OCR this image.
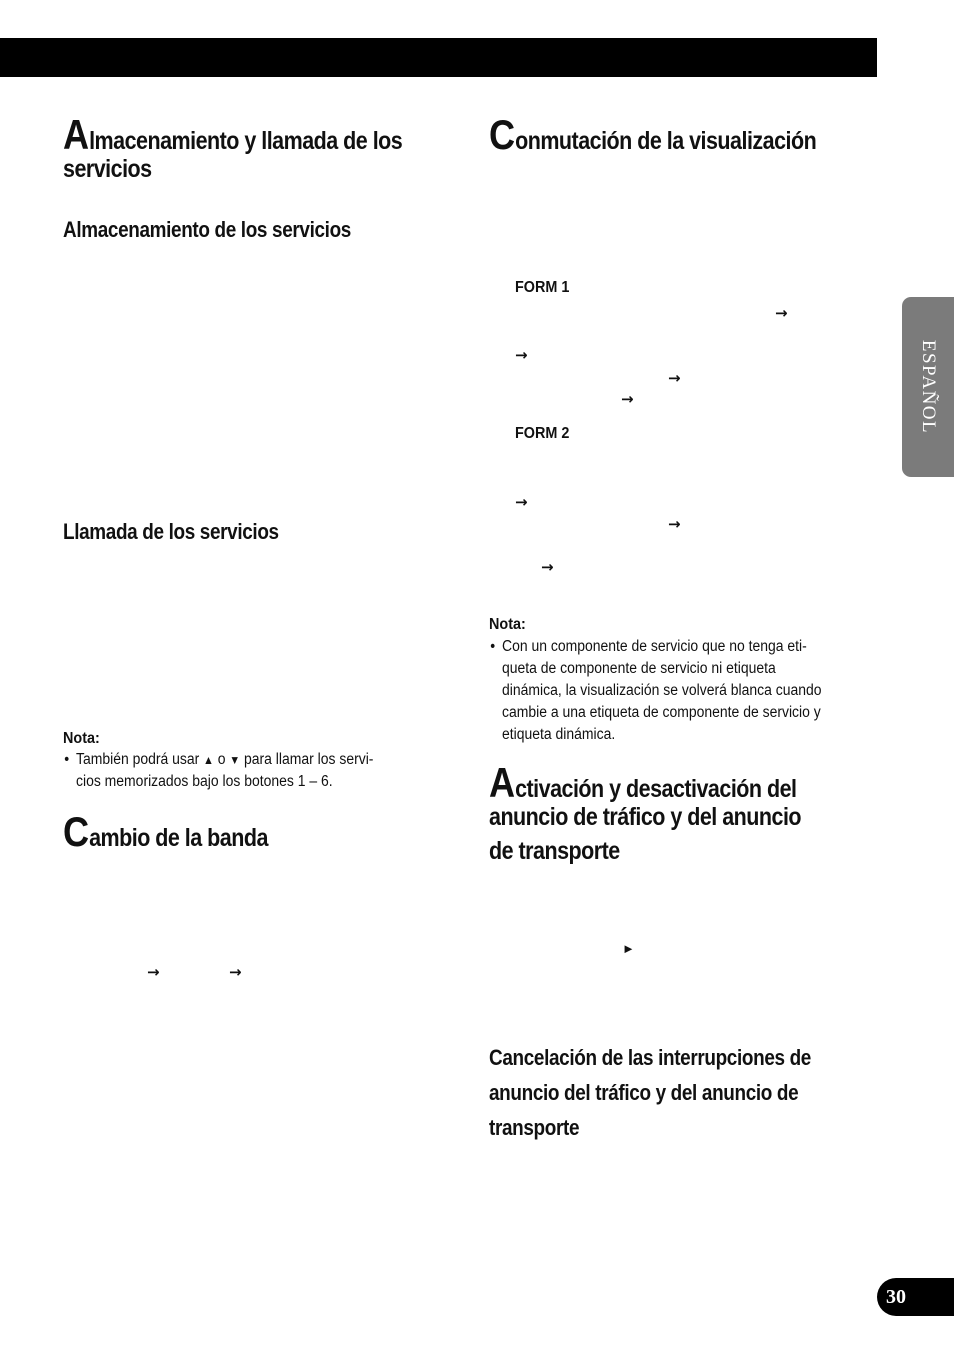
Almacenamiento y llamada de los
servicios
Almacenamiento de los servicios
Llamada de los servicios
Nota:
• También podrá usar ▲ o ▼ para llamar los servi-
cios memorizados bajo los botones 1 – 6.
Cambio de la banda
→	→
Conmutación de la visualización
FORM 1
→
→
→
→
FORM 2
→
→
→
Nota:
• Con un componente de servicio que no tenga eti-
queta de componente de servicio ni etiqueta
dinámica, la visualización se volverá blanca cuando
cambie a una etiqueta de componente de servicio y
etiqueta dinámica.
Activación y desactivación del
anuncio de tráfico y del anuncio
de transporte
►
Cancelación de las interrupciones de
anuncio del tráfico y del anuncio de
transporte
ESPAÑOL
30
